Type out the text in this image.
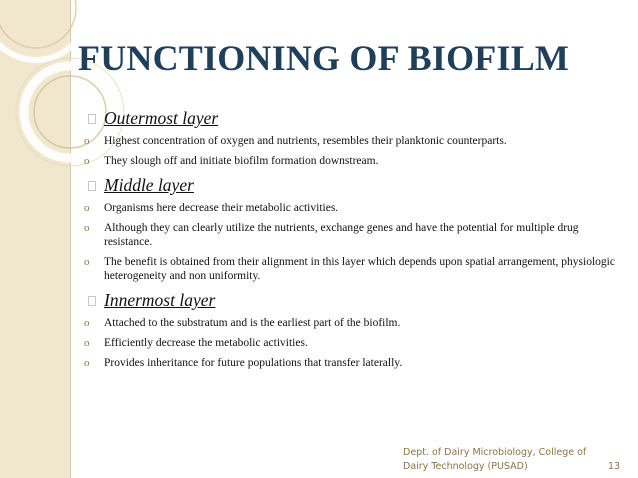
FUNCTIONING OF BIOFILM
Outermost layer
o Highest concentration of oxygen and nutrients, resembles their planktonic counterparts.
o They slough off and initiate biofilm formation downstream.
Middle layer
o Organisms here decrease their metabolic activities.
o Although they can clearly utilize the nutrients, exchange genes and have the potential for multiple drug resistance.
o The benefit is obtained from their alignment in this layer which depends upon spatial arrangement, physiologic heterogeneity and non uniformity.
Innermost layer
o Attached to the substratum and is the earliest part of the biofilm.
o Efficiently decrease the metabolic activities.
o Provides inheritance for future populations that transfer laterally.
Dept. of Dairy Microbiology, College of
Dairy Technology (PUSAD)	13
